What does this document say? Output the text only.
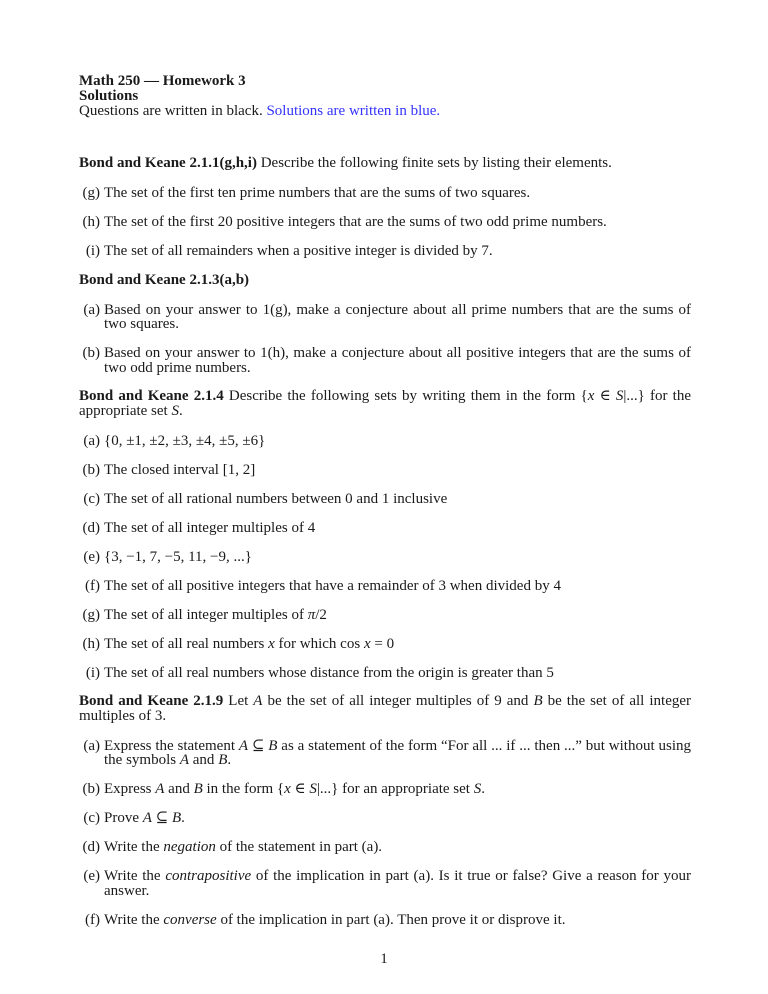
Math 250 — Homework 3
Solutions
Questions are written in black. Solutions are written in blue.
Bond and Keane 2.1.1(g,h,i) Describe the following finite sets by listing their elements.
(g) The set of the first ten prime numbers that are the sums of two squares.
(h) The set of the first 20 positive integers that are the sums of two odd prime numbers.
(i) The set of all remainders when a positive integer is divided by 7.
Bond and Keane 2.1.3(a,b)
(a) Based on your answer to 1(g), make a conjecture about all prime numbers that are the sums of two squares.
(b) Based on your answer to 1(h), make a conjecture about all positive integers that are the sums of two odd prime numbers.
Bond and Keane 2.1.4 Describe the following sets by writing them in the form {x ∈ S|...} for the appropriate set S.
(a) {0, ±1, ±2, ±3, ±4, ±5, ±6}
(b) The closed interval [1, 2]
(c) The set of all rational numbers between 0 and 1 inclusive
(d) The set of all integer multiples of 4
(e) {3, −1, 7, −5, 11, −9, ...}
(f) The set of all positive integers that have a remainder of 3 when divided by 4
(g) The set of all integer multiples of π/2
(h) The set of all real numbers x for which cos x = 0
(i) The set of all real numbers whose distance from the origin is greater than 5
Bond and Keane 2.1.9 Let A be the set of all integer multiples of 9 and B be the set of all integer multiples of 3.
(a) Express the statement A ⊆ B as a statement of the form “For all ... if ... then ...” but without using the symbols A and B.
(b) Express A and B in the form {x ∈ S|...} for an appropriate set S.
(c) Prove A ⊆ B.
(d) Write the negation of the statement in part (a).
(e) Write the contrapositive of the implication in part (a). Is it true or false? Give a reason for your answer.
(f) Write the converse of the implication in part (a). Then prove it or disprove it.
1
